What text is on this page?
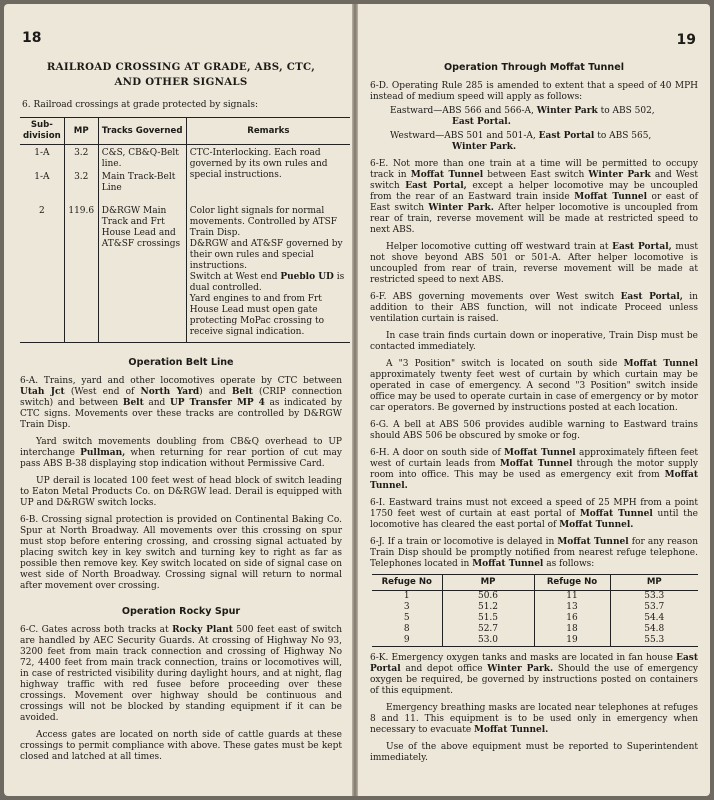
18
RAILROAD CROSSING AT GRADE, ABS, CTC,
AND OTHER SIGNALS

6. Railroad crossings at grade protected by signals:

Sub-division	MP	Tracks Governed	Remarks
1-A	3.2	C&S, CB&Q-Belt line.	CTC-Interlocking. Each road governed by its own rules and special instructions.
1-A	3.2	Main Track-Belt Line	
2	119.6	D&RGW Main Track and Frt House Lead and AT&SF crossings	Color light signals for normal movements. Controlled by ATSF Train Disp.
D&RGW and AT&SF governed by their own rules and special instructions.
Switch at West end Pueblo UD is dual controlled.
Yard engines to and from Frt House Lead must open gate protecting MoPac crossing to receive signal indication.
Operation Belt Line

6-A. Trains, yard and other locomotives operate by CTC between Utah Jct (West end of North Yard) and Belt (CRIP connection switch) and between Belt and UP Transfer MP 4 as indicated by CTC signs. Movements over these tracks are controlled by D&RGW Train Disp.

Yard switch movements doubling from CB&Q overhead to UP interchange Pullman, when returning for rear portion of cut may pass ABS B-38 displaying stop indication without Permissive Card.

UP derail is located 100 feet west of head block of switch leading to Eaton Metal Products Co. on D&RGW lead. Derail is equipped with UP and D&RGW switch locks.

6-B. Crossing signal protection is provided on Continental Baking Co. Spur at North Broadway. All movements over this crossing on spur must stop before entering crossing, and crossing signal actuated by placing switch key in key switch and turning key to right as far as possible then remove key. Key switch located on side of signal case on west side of North Broadway. Crossing signal will return to normal after movement over crossing.

Operation Rocky Spur

6-C. Gates across both tracks at Rocky Plant 500 feet east of switch are handled by AEC Security Guards. At crossing of Highway No 93, 3200 feet from main track connection and crossing of Highway No 72, 4400 feet from main track connection, trains or locomotives will, in case of restricted visibility during daylight hours, and at night, flag highway traffic with red fusee before proceeding over these crossings. Movement over highway should be continuous and crossings will not be blocked by standing equipment if it can be avoided.

Access gates are located on north side of cattle guards at these crossings to permit compliance with above. These gates must be kept closed and latched at all times.

19
Operation Through Moffat Tunnel

6-D. Operating Rule 285 is amended to extent that a speed of 40 MPH instead of medium speed will apply as follows:

Eastward—ABS 566 and 566-A, Winter Park to ABS 502,
East Portal.
Westward—ABS 501 and 501-A, East Portal to ABS 565,
Winter Park.

6-E. Not more than one train at a time will be permitted to occupy track in Moffat Tunnel between East switch Winter Park and West switch East Portal, except a helper locomotive may be uncoupled from the rear of an Eastward train inside Moffat Tunnel or east of East switch Winter Park. After helper locomotive is uncoupled from rear of train, reverse movement will be made at restricted speed to next ABS.

Helper locomotive cutting off westward train at East Portal, must not shove beyond ABS 501 or 501-A. After helper locomotive is uncoupled from rear of train, reverse movement will be made at restricted speed to next ABS.

6-F. ABS governing movements over West switch East Portal, in addition to their ABS function, will not indicate Proceed unless ventilation curtain is raised.

In case train finds curtain down or inoperative, Train Disp must be contacted immediately.

A "3 Position" switch is located on south side Moffat Tunnel approximately twenty feet west of curtain by which curtain may be operated in case of emergency. A second "3 Position" switch inside office may be used to operate curtain in case of emergency or by motor car operators. Be governed by instructions posted at each location.

6-G. A bell at ABS 506 provides audible warning to Eastward trains should ABS 506 be obscured by smoke or fog.

6-H. A door on south side of Moffat Tunnel approximately fifteen feet west of curtain leads from Moffat Tunnel through the motor supply room into office. This may be used as emergency exit from Moffat Tunnel.

6-I. Eastward trains must not exceed a speed of 25 MPH from a point 1750 feet west of curtain at east portal of Moffat Tunnel until the locomotive has cleared the east portal of Moffat Tunnel.

6-J. If a train or locomotive is delayed in Moffat Tunnel for any reason Train Disp should be promptly notified from nearest refuge telephone. Telephones located in Moffat Tunnel as follows:

Refuge No	MP	Refuge No	MP
1	50.6	11	53.3
3	51.2	13	53.7
5	51.5	16	54.4
8	52.7	18	54.8
9	53.0	19	55.3

6-K. Emergency oxygen tanks and masks are located in fan house East Portal and depot office Winter Park. Should the use of emergency oxygen be required, be governed by instructions posted on containers of this equipment.

Emergency breathing masks are located near telephones at refuges 8 and 11. This equipment is to be used only in emergency when necessary to evacuate Moffat Tunnel.

Use of the above equipment must be reported to Superintendent immediately.
